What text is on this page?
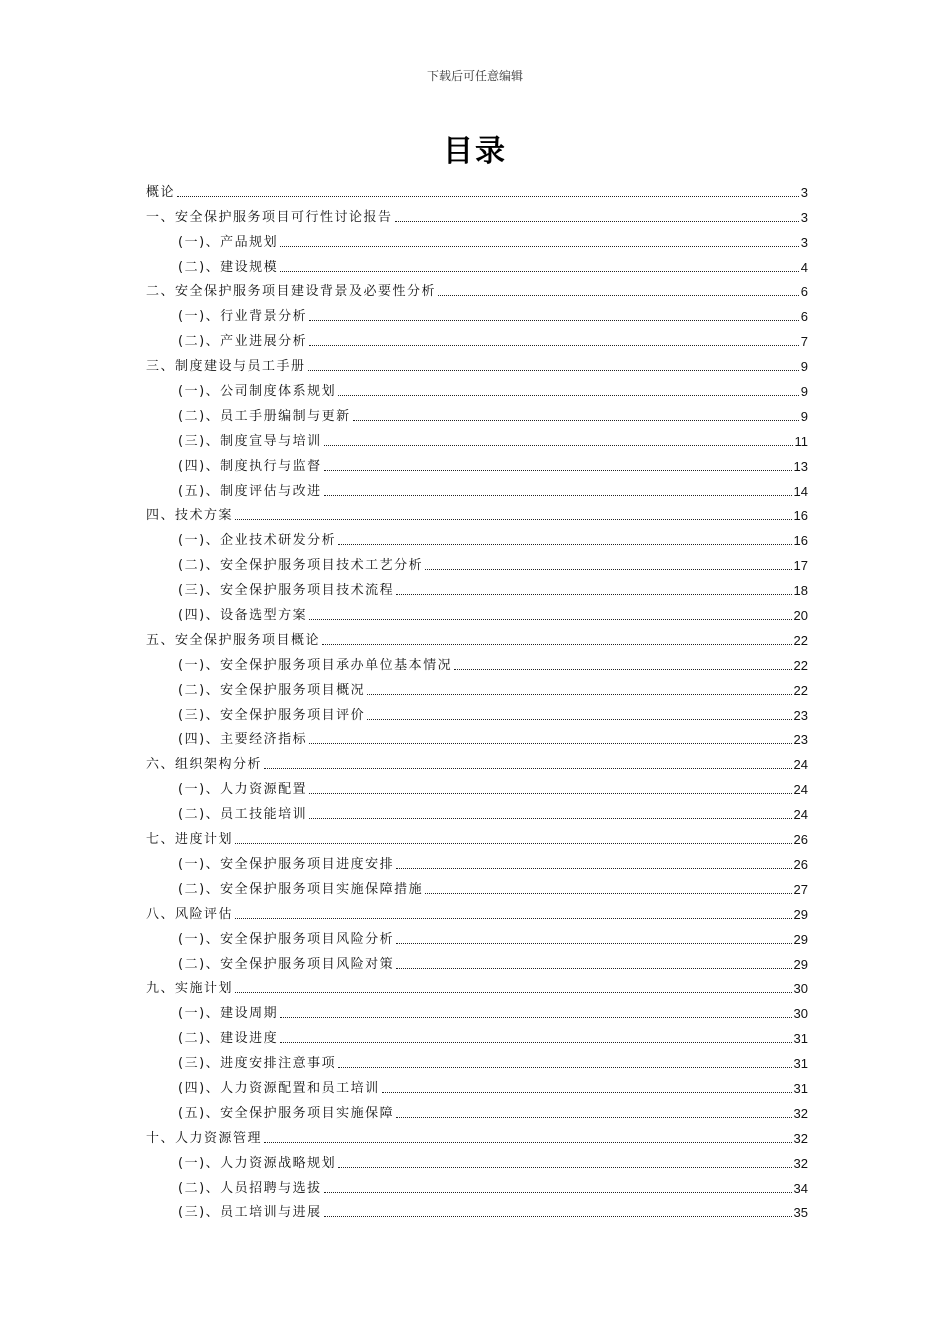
下载后可任意编辑
目录
概论	3
一、安全保护服务项目可行性讨论报告	3
(一)、产品规划	3
(二)、建设规模	4
二、安全保护服务项目建设背景及必要性分析	6
(一)、行业背景分析	6
(二)、产业进展分析	7
三、制度建设与员工手册	9
(一)、公司制度体系规划	9
(二)、员工手册编制与更新	9
(三)、制度宣导与培训	11
(四)、制度执行与监督	13
(五)、制度评估与改进	14
四、技术方案	16
(一)、企业技术研发分析	16
(二)、安全保护服务项目技术工艺分析	17
(三)、安全保护服务项目技术流程	18
(四)、设备选型方案	20
五、安全保护服务项目概论	22
(一)、安全保护服务项目承办单位基本情况	22
(二)、安全保护服务项目概况	22
(三)、安全保护服务项目评价	23
(四)、主要经济指标	23
六、组织架构分析	24
(一)、人力资源配置	24
(二)、员工技能培训	24
七、进度计划	26
(一)、安全保护服务项目进度安排	26
(二)、安全保护服务项目实施保障措施	27
八、风险评估	29
(一)、安全保护服务项目风险分析	29
(二)、安全保护服务项目风险对策	29
九、实施计划	30
(一)、建设周期	30
(二)、建设进度	31
(三)、进度安排注意事项	31
(四)、人力资源配置和员工培训	31
(五)、安全保护服务项目实施保障	32
十、人力资源管理	32
(一)、人力资源战略规划	32
(二)、人员招聘与选拔	34
(三)、员工培训与进展	35
